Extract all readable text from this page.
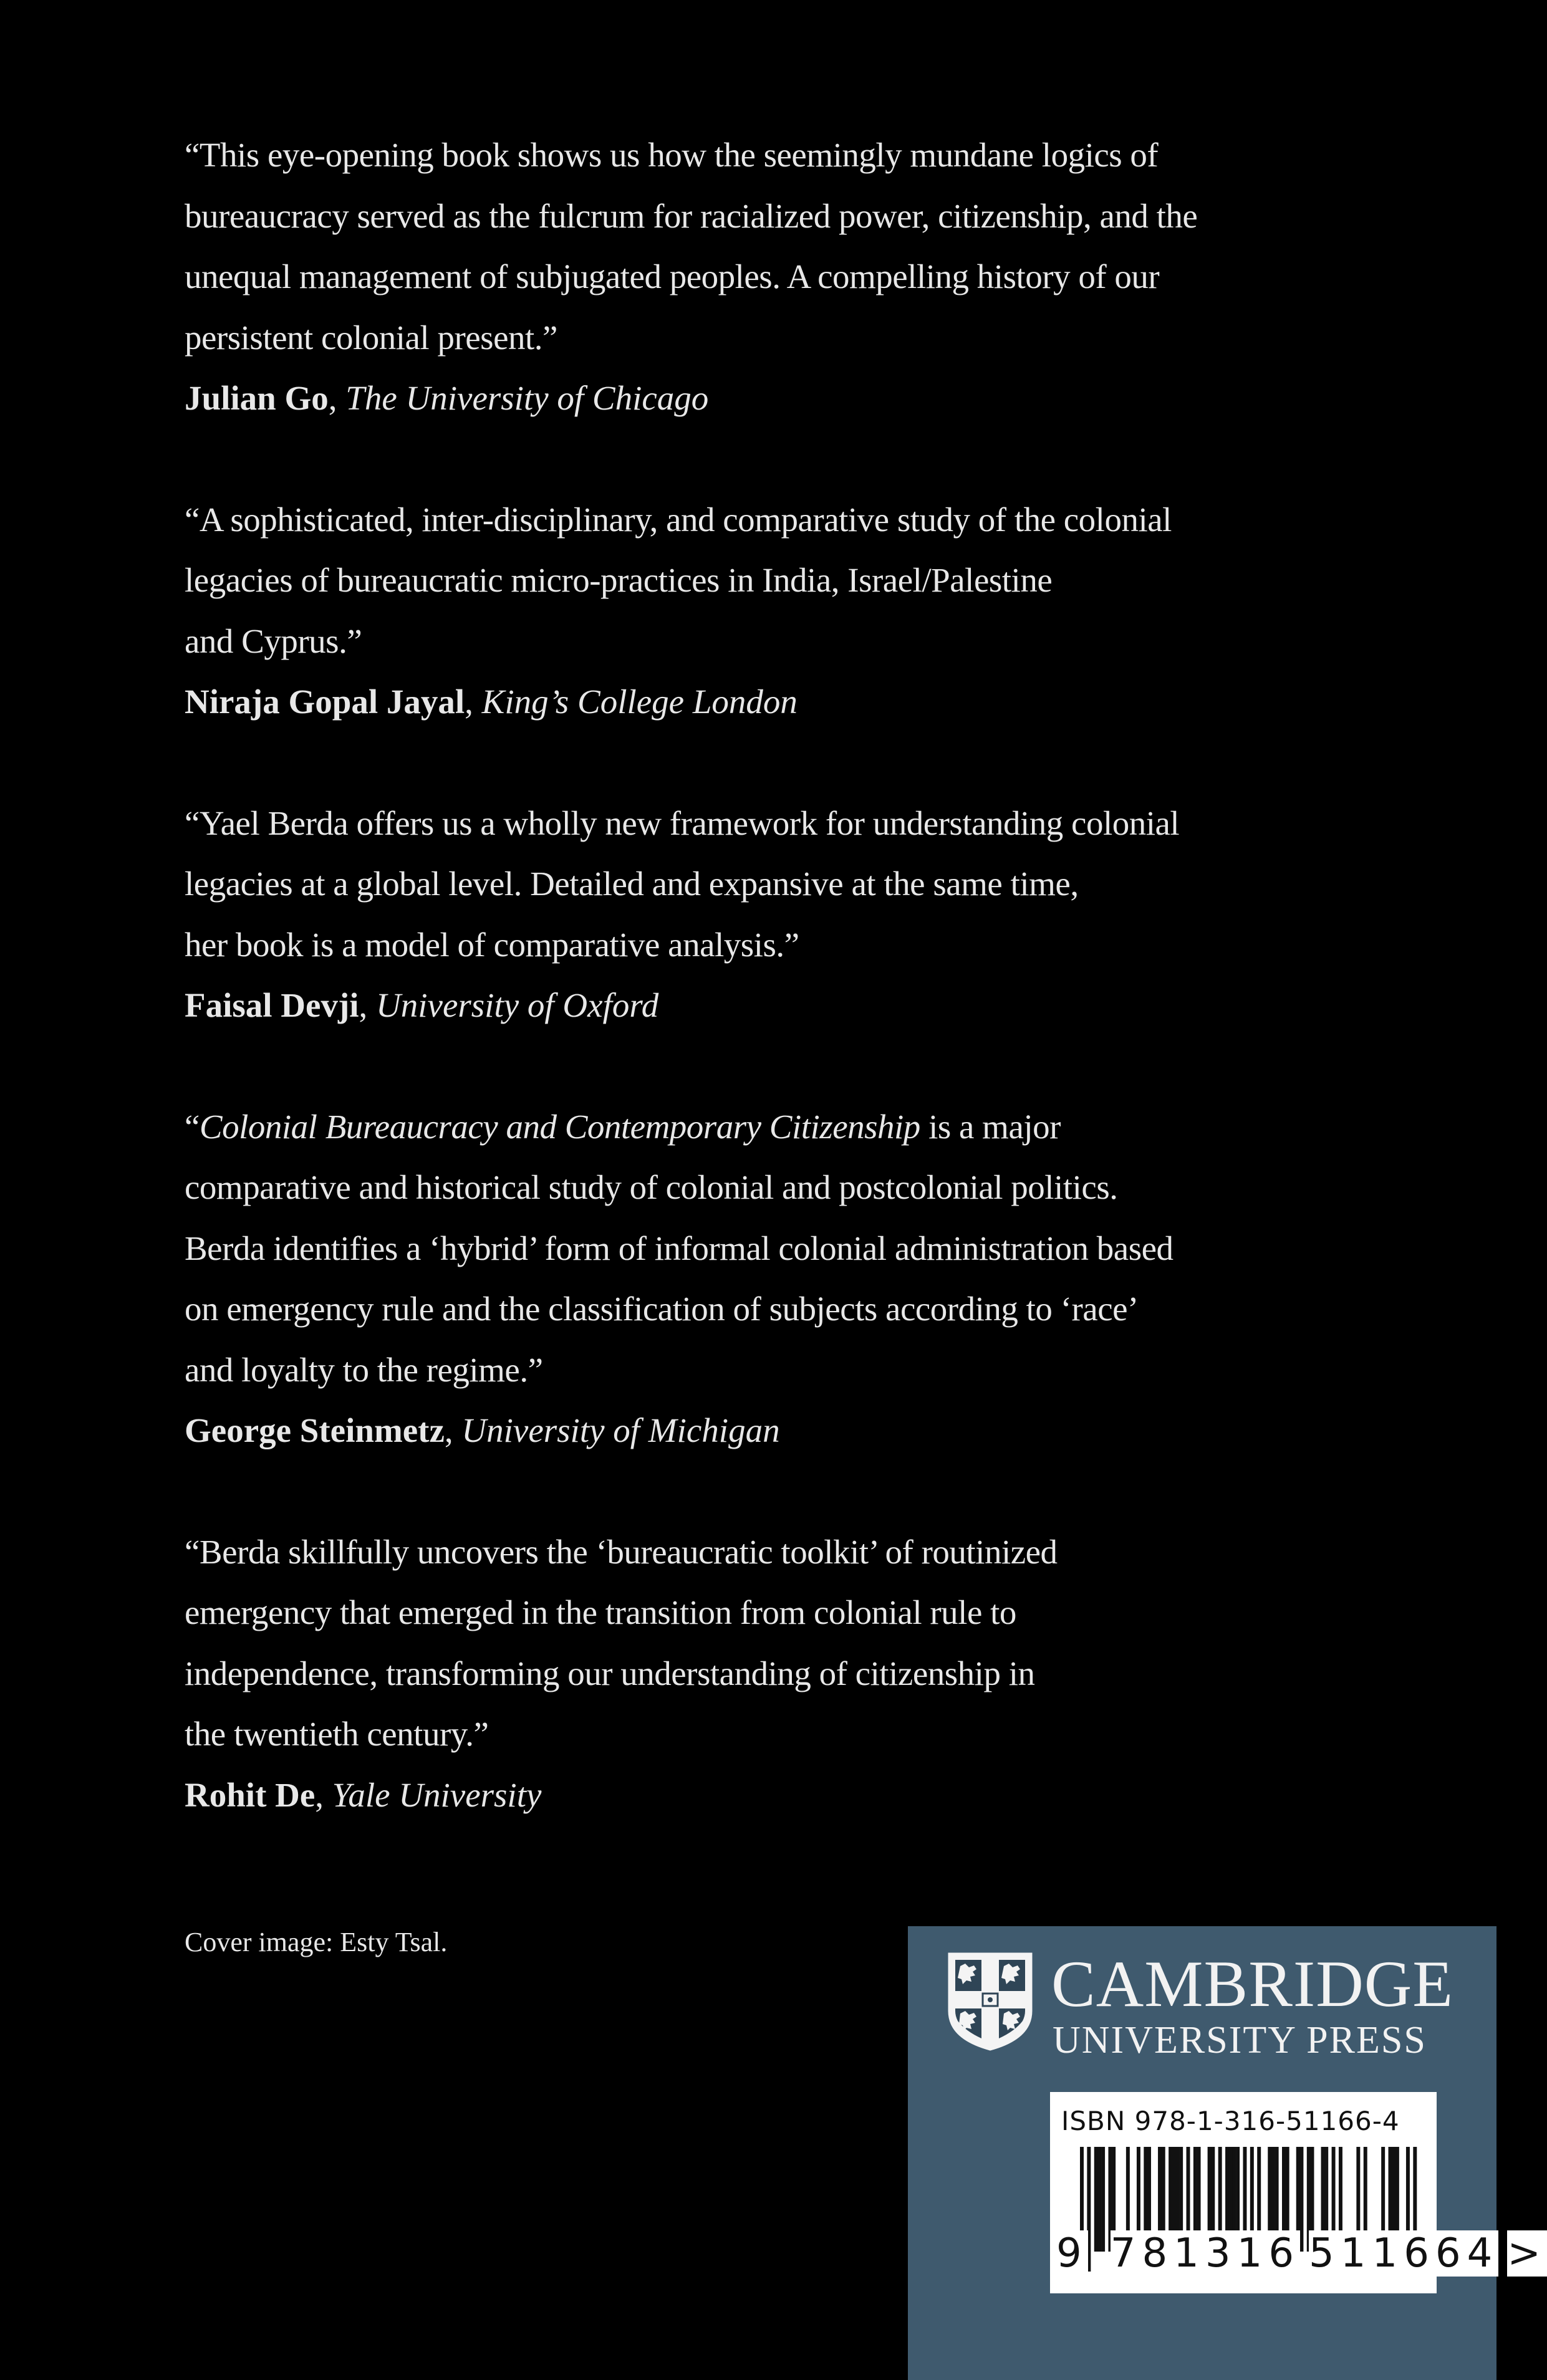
“This eye-opening book shows us how the seemingly mundane logics of
bureaucracy served as the fulcrum for racialized power, citizenship, and the
unequal management of subjugated peoples. A compelling history of our
persistent colonial present.”

Julian Go, The University of Chicago

“A sophisticated, inter-disciplinary, and comparative study of the colonial
legacies of bureaucratic micro-practices in India, Israel/Palestine
and Cyprus.”

Niraja Gopal Jayal, King’s College London

“Yael Berda offers us a wholly new framework for understanding colonial
legacies at a global level. Detailed and expansive at the same time,
her book is a model of comparative analysis.”

Faisal Devji, University of Oxford

“Colonial Bureaucracy and Contemporary Citizenship is a major
comparative and historical study of colonial and postcolonial politics.
Berda identifies a ‘hybrid’ form of informal colonial administration based
on emergency rule and the classification of subjects according to ‘race’
and loyalty to the regime.”

George Steinmetz, University of Michigan

“Berda skillfully uncovers the ‘bureaucratic toolkit’ of routinized
emergency that emerged in the transition from colonial rule to
independence, transforming our understanding of citizenship in
the twentieth century.”

Rohit De, Yale University
Cover image: Esty Tsal.
CAMBRIDGE
UNIVERSITY PRESS
ISBN 978-1-316-51166-4
9 781316 511664 >
